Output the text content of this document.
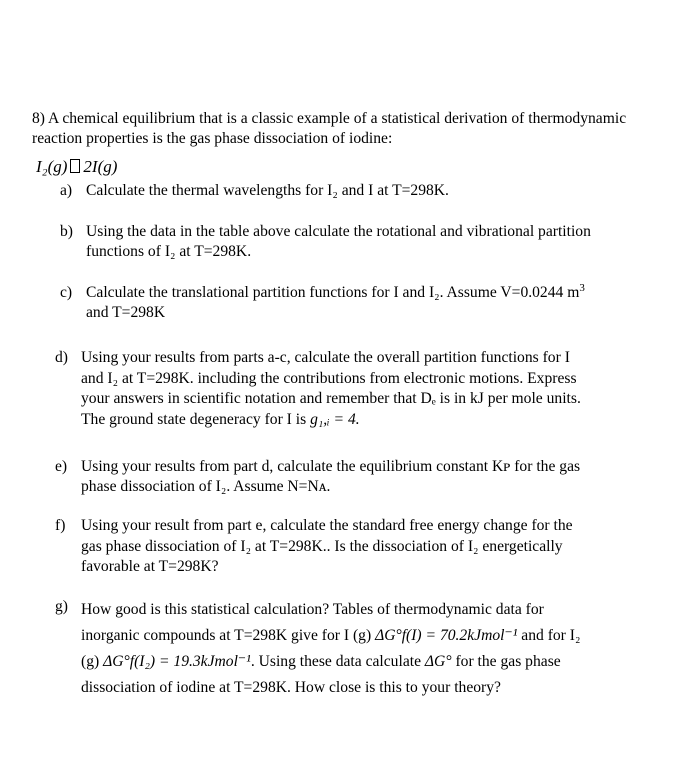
8) A chemical equilibrium that is a classic example of a statistical derivation of thermodynamic reaction properties is the gas phase dissociation of iodine:
I₂(g) 2I(g)
a) Calculate the thermal wavelengths for I₂ and I at T=298K.
b) Using the data in the table above calculate the rotational and vibrational partition
functions of I₂ at T=298K.
c) Calculate the translational partition functions for I and I₂. Assume V=0.0244 $m^3$
and T=298K
d) Using your results from parts a-c, calculate the overall partition functions for I
and I₂ at T=298K. including the contributions from electronic motions. Express
your answers in scientific notation and remember that Dₑ is in kJ per mole units.
The ground state degeneracy for I is g₁,ᵢ = 4.
e) Using your results from part d, calculate the equilibrium constant Kᴘ for the gas
phase dissociation of I₂. Assume N=Nᴀ.
f) Using your result from part e, calculate the standard free energy change for the
gas phase dissociation of I₂ at T=298K.. Is the dissociation of I₂ energetically
favorable at T=298K?
g) How good is this statistical calculation? Tables of thermodynamic data for
inorganic compounds at T=298K give for I (g) ΔG°f(I) = 70.2kJmol⁻¹ and for I₂
(g) ΔG°f(I₂) = 19.3kJmol⁻¹. Using these data calculate ΔG° for the gas phase
dissociation of iodine at T=298K. How close is this to your theory?
